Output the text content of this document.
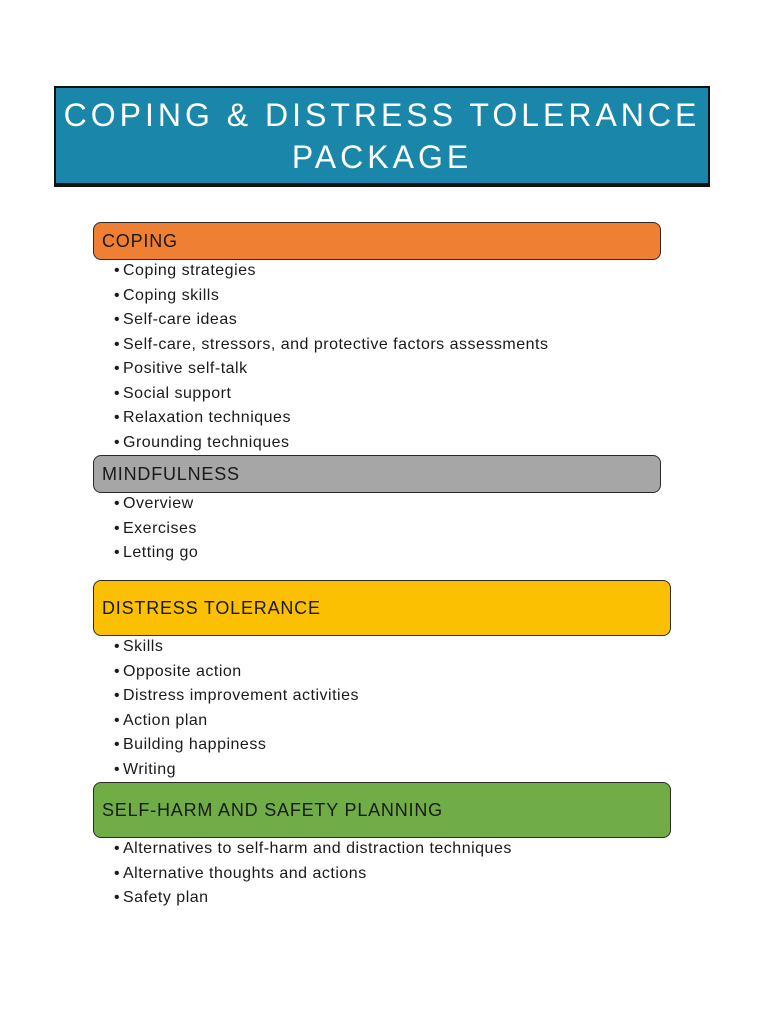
COPING & DISTRESS TOLERANCE
PACKAGE
COPING
• Coping strategies
• Coping skills
• Self-care ideas
• Self-care, stressors, and protective factors assessments
• Positive self-talk
• Social support
• Relaxation techniques
• Grounding techniques
MINDFULNESS
• Overview
• Exercises
• Letting go
DISTRESS TOLERANCE
• Skills
• Opposite action
• Distress improvement activities
• Action plan
• Building happiness
• Writing
SELF-HARM AND SAFETY PLANNING
• Alternatives to self-harm and distraction techniques
• Alternative thoughts and actions
• Safety plan
